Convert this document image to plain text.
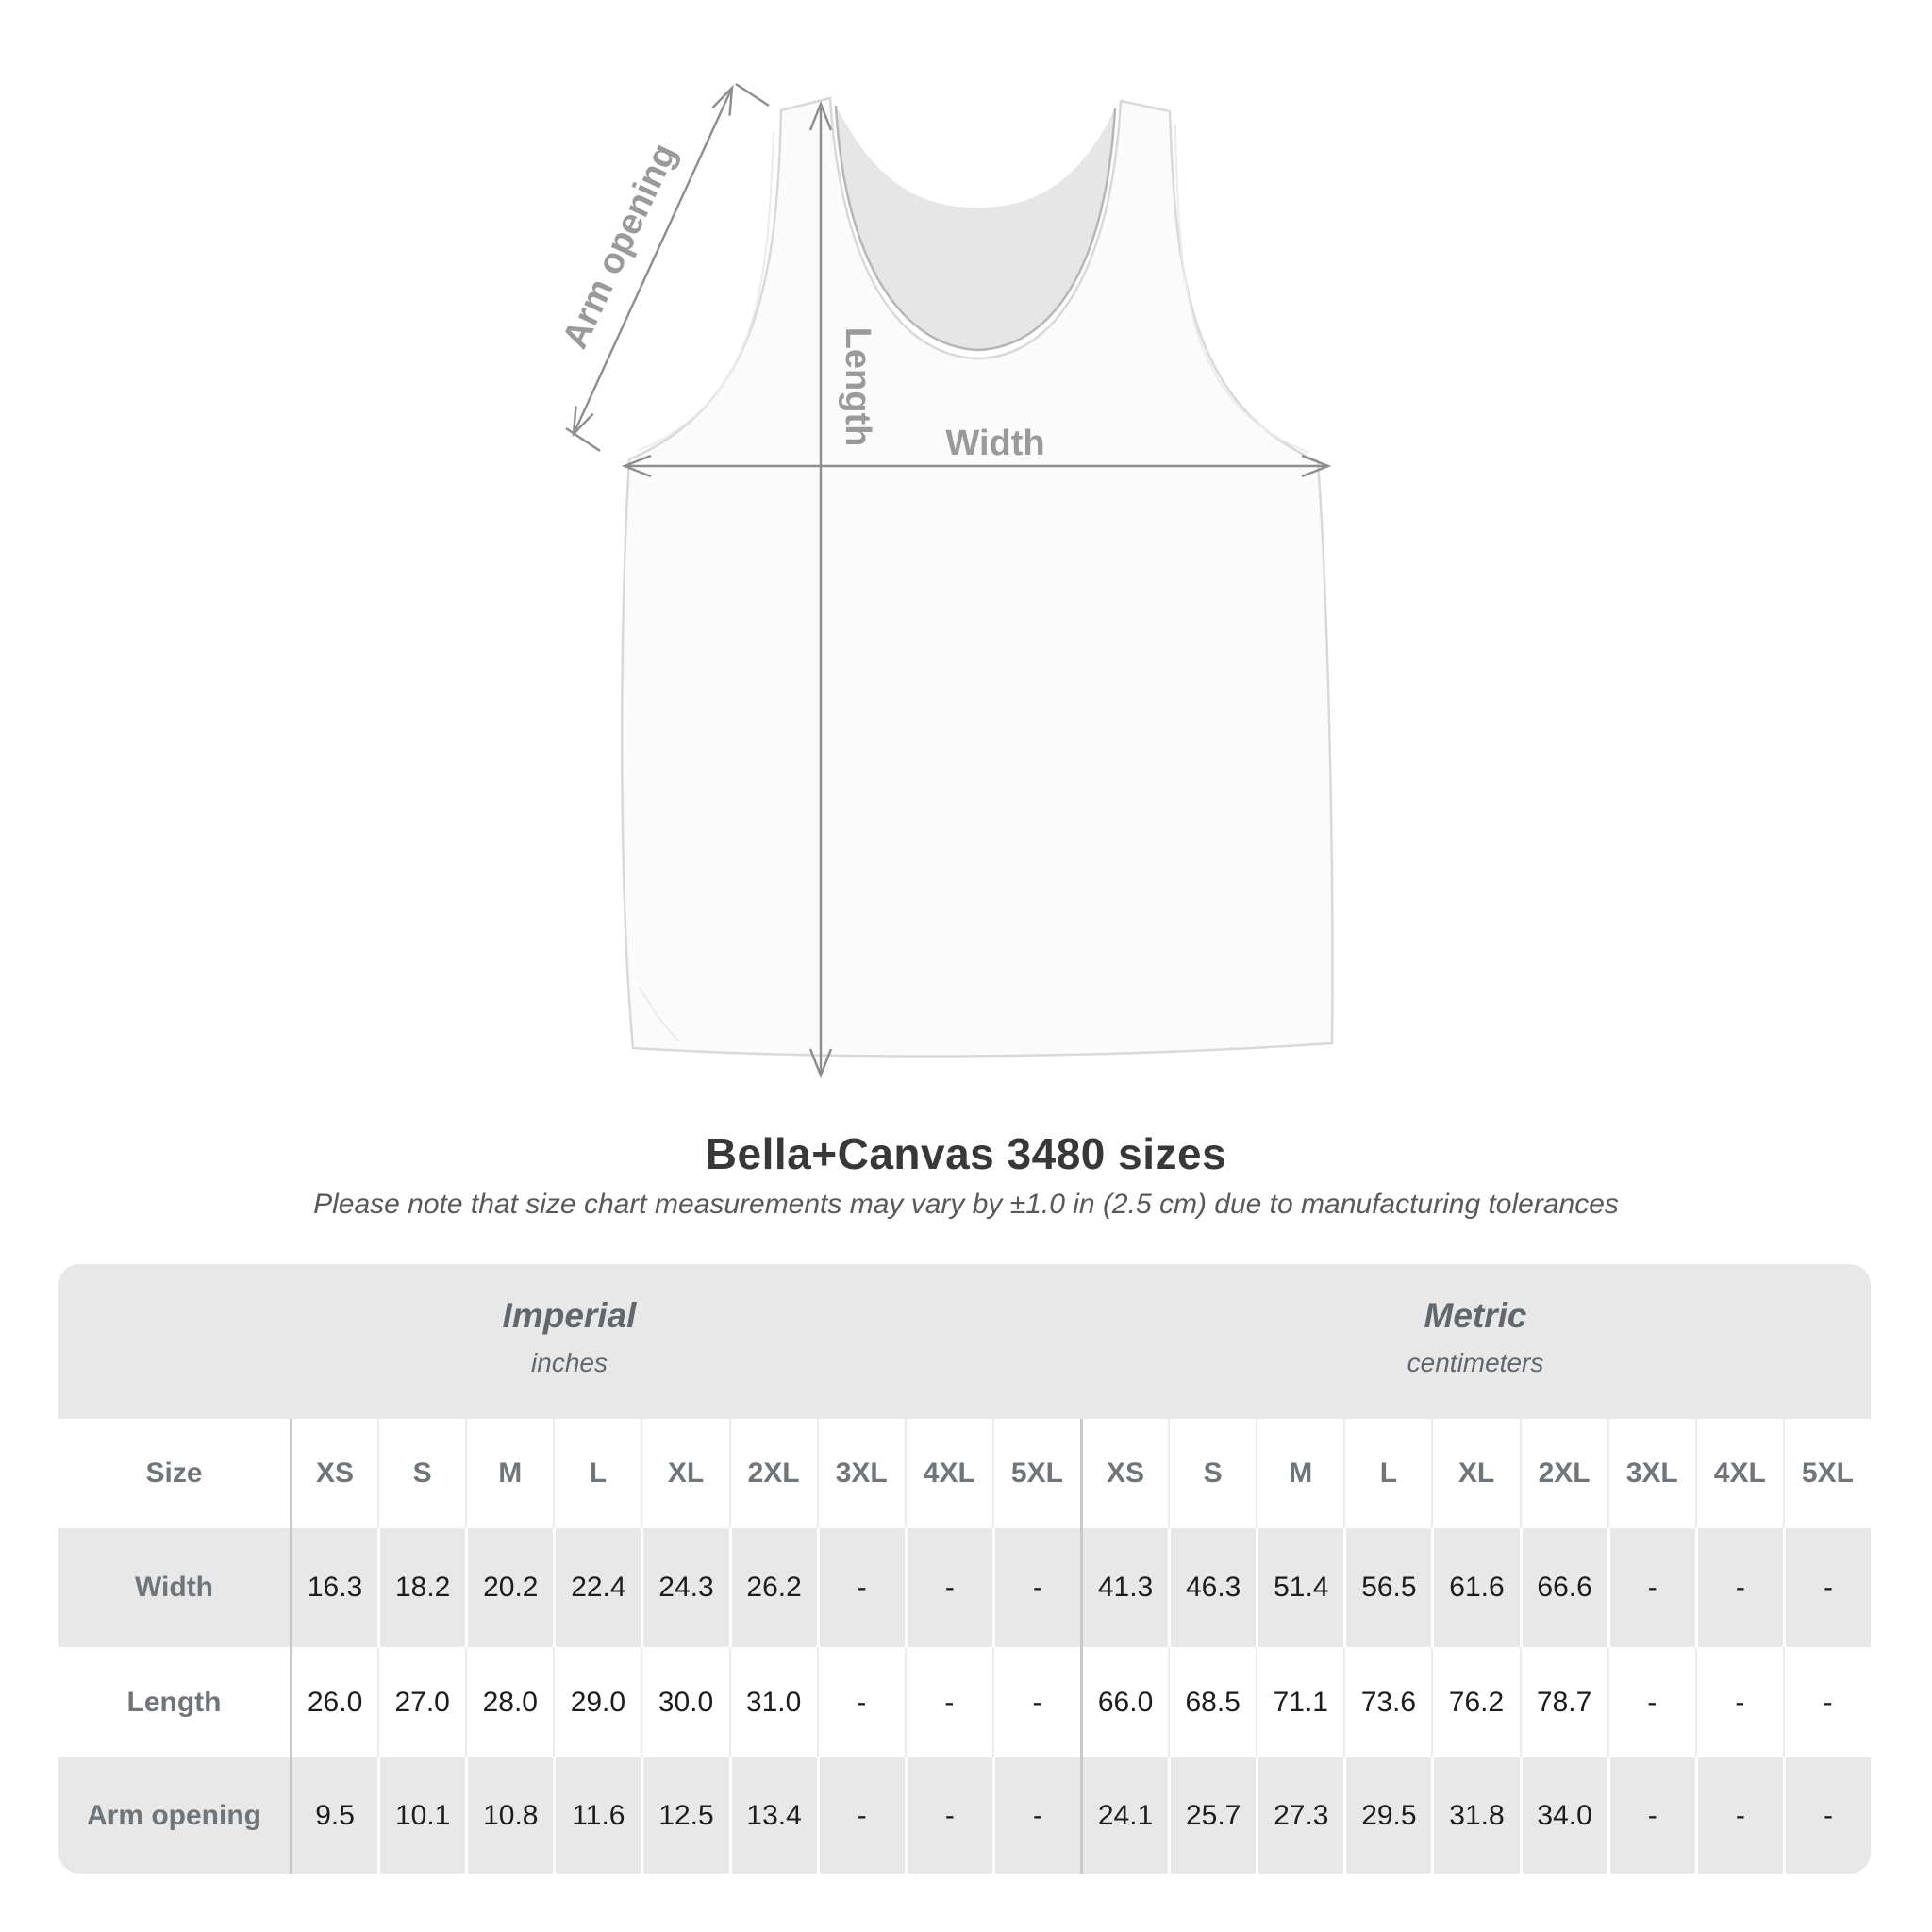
Arm opening
Length Width
Bella+Canvas 3480 sizes

Please note that size chart measurements may vary by ±1.0 in (2.5 cm) due to manufacturing tolerances

Imperial
inches
Metric
centimeters
Size	XS	S	M	L	XL	2XL	3XL	4XL	5XL	XS	S	M	L	XL	2XL	3XL	4XL	5XL
Width	16.3	18.2	20.2	22.4	24.3	26.2	-	-	-	41.3	46.3	51.4	56.5	61.6	66.6	-	-	-
Length	26.0	27.0	28.0	29.0	30.0	31.0	-	-	-	66.0	68.5	71.1	73.6	76.2	78.7	-	-	-
Arm opening	9.5	10.1	10.8	11.6	12.5	13.4	-	-	-	24.1	25.7	27.3	29.5	31.8	34.0	-	-	-
